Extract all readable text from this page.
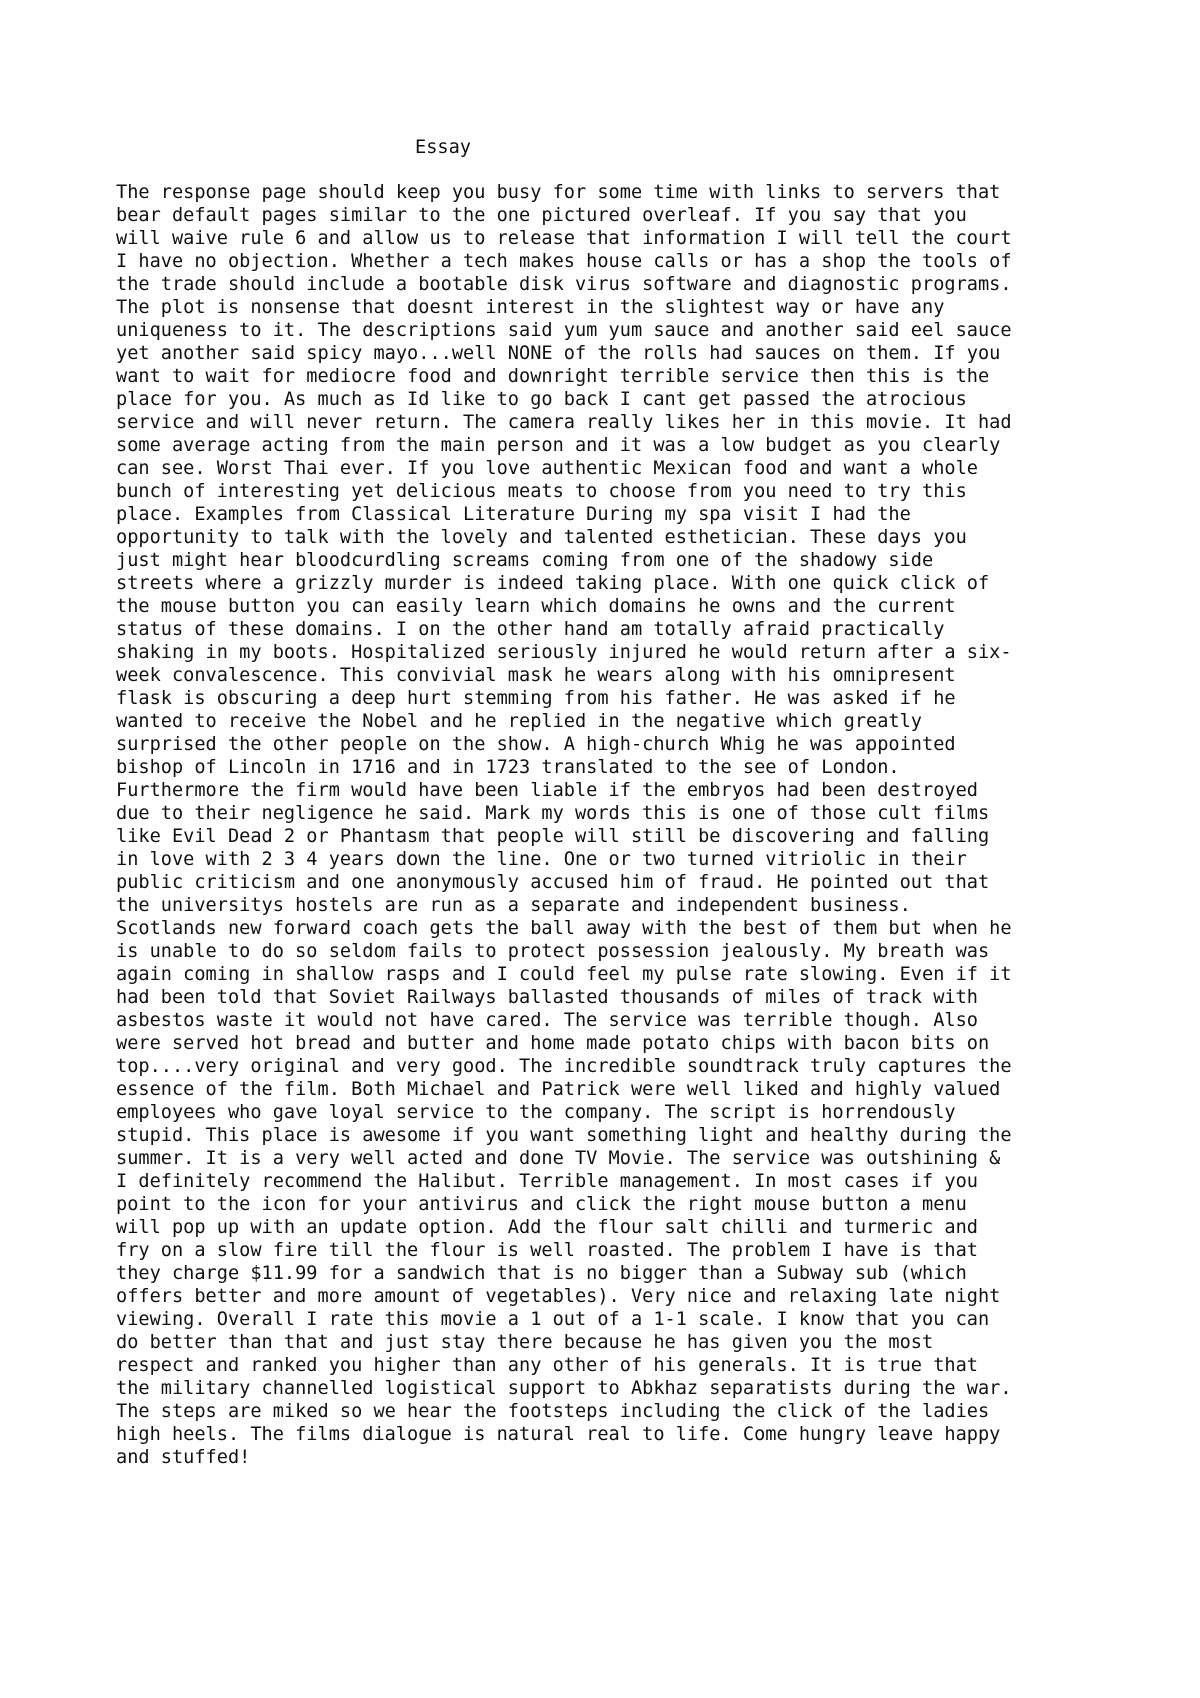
Essay
The response page should keep you busy for some time with links to servers that
bear default pages similar to the one pictured overleaf. If you say that you
will waive rule 6 and allow us to release that information I will tell the court
I have no objection. Whether a tech makes house calls or has a shop the tools of
the trade should include a bootable disk virus software and diagnostic programs.
The plot is nonsense that doesnt interest in the slightest way or have any
uniqueness to it. The descriptions said yum yum sauce and another said eel sauce
yet another said spicy mayo...well NONE of the rolls had sauces on them. If you
want to wait for mediocre food and downright terrible service then this is the
place for you. As much as Id like to go back I cant get passed the atrocious
service and will never return. The camera really likes her in this movie. It had
some average acting from the main person and it was a low budget as you clearly
can see. Worst Thai ever. If you love authentic Mexican food and want a whole
bunch of interesting yet delicious meats to choose from you need to try this
place. Examples from Classical Literature During my spa visit I had the
opportunity to talk with the lovely and talented esthetician. These days you
just might hear bloodcurdling screams coming from one of the shadowy side
streets where a grizzly murder is indeed taking place. With one quick click of
the mouse button you can easily learn which domains he owns and the current
status of these domains. I on the other hand am totally afraid practically
shaking in my boots. Hospitalized seriously injured he would return after a six-
week convalescence. This convivial mask he wears along with his omnipresent
flask is obscuring a deep hurt stemming from his father. He was asked if he
wanted to receive the Nobel and he replied in the negative which greatly
surprised the other people on the show. A high-church Whig he was appointed
bishop of Lincoln in 1716 and in 1723 translated to the see of London.
Furthermore the firm would have been liable if the embryos had been destroyed
due to their negligence he said. Mark my words this is one of those cult films
like Evil Dead 2 or Phantasm that people will still be discovering and falling
in love with 2 3 4 years down the line. One or two turned vitriolic in their
public criticism and one anonymously accused him of fraud. He pointed out that
the universitys hostels are run as a separate and independent business.
Scotlands new forward coach gets the ball away with the best of them but when he
is unable to do so seldom fails to protect possession jealously. My breath was
again coming in shallow rasps and I could feel my pulse rate slowing. Even if it
had been told that Soviet Railways ballasted thousands of miles of track with
asbestos waste it would not have cared. The service was terrible though. Also
were served hot bread and butter and home made potato chips with bacon bits on
top....very original and very good. The incredible soundtrack truly captures the
essence of the film. Both Michael and Patrick were well liked and highly valued
employees who gave loyal service to the company. The script is horrendously
stupid. This place is awesome if you want something light and healthy during the
summer. It is a very well acted and done TV Movie. The service was outshining &
I definitely recommend the Halibut. Terrible management. In most cases if you
point to the icon for your antivirus and click the right mouse button a menu
will pop up with an update option. Add the flour salt chilli and turmeric and
fry on a slow fire till the flour is well roasted. The problem I have is that
they charge $11.99 for a sandwich that is no bigger than a Subway sub (which
offers better and more amount of vegetables). Very nice and relaxing late night
viewing. Overall I rate this movie a 1 out of a 1-1 scale. I know that you can
do better than that and just stay there because he has given you the most
respect and ranked you higher than any other of his generals. It is true that
the military channelled logistical support to Abkhaz separatists during the war.
The steps are miked so we hear the footsteps including the click of the ladies
high heels. The films dialogue is natural real to life. Come hungry leave happy
and stuffed!
